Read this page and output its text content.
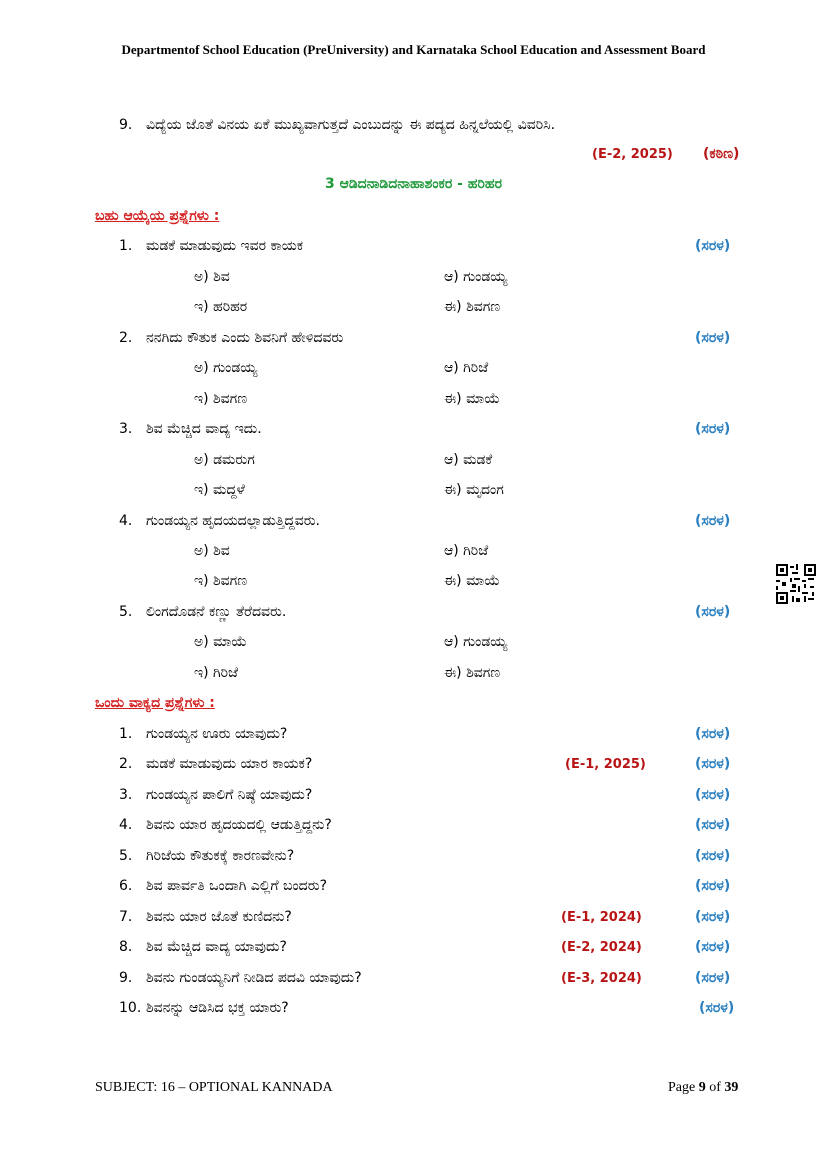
Departmentof School Education (PreUniversity) and Karnataka School Education and Assessment Board
9. ವಿದ್ಯೆಯ ಜೊತೆ ವಿನಯ ಏಕೆ ಮುಖ್ಯವಾಗುತ್ತದೆ ಎಂಬುದನ್ನು ಈ ಪದ್ಯದ ಹಿನ್ನಲೆಯಲ್ಲಿ ವಿವರಿಸಿ.
(E-2, 2025) (ಕಠಿಣ)
3 ಆಡಿದನಾಡಿದನಾಹಾಶಂಕರ - ಹರಿಹರ
ಬಹು ಆಯ್ಕೆಯ ಪ್ರಶ್ನೆಗಳು :
1. ಮಡಕೆ ಮಾಡುವುದು ಇವರ ಕಾಯಕ	(ಸರಳ)
ಅ) ಶಿವ	ಆ) ಗುಂಡಯ್ಯ
ಇ) ಹರಿಹರ	ಈ) ಶಿವಗಣ
2. ನನಗಿದು ಕೌತುಕ ಎಂದು ಶಿವನಿಗೆ ಹೇಳಿದವರು	(ಸರಳ)
ಅ) ಗುಂಡಯ್ಯ	ಆ) ಗಿರಿಜೆ
ಇ) ಶಿವಗಣ	ಈ) ಮಾಯೆ
3. ಶಿವ ಮೆಚ್ಚಿದ ವಾದ್ಯ ಇದು.	(ಸರಳ)
ಅ) ಡಮರುಗ	ಆ) ಮಡಕೆ
ಇ) ಮದ್ದಳೆ	ಈ) ಮೃದಂಗ
4. ಗುಂಡಯ್ಯನ ಹೃದಯದಲ್ಲಾಡುತ್ತಿದ್ದವರು.	(ಸರಳ)
ಅ) ಶಿವ	ಆ) ಗಿರಿಜೆ
ಇ) ಶಿವಗಣ	ಈ) ಮಾಯೆ
5. ಲಿಂಗದೊಡನೆ ಕಣ್ಣು ತೆರೆದವರು.	(ಸರಳ)
ಅ) ಮಾಯೆ	ಆ) ಗುಂಡಯ್ಯ
ಇ) ಗಿರಿಜೆ	ಈ) ಶಿವಗಣ
ಒಂದು ವಾಕ್ಯದ ಪ್ರಶ್ನೆಗಳು :
1. ಗುಂಡಯ್ಯನ ಊರು ಯಾವುದು?	(ಸರಳ)
2. ಮಡಕೆ ಮಾಡುವುದು ಯಾರ ಕಾಯಕ?	(E-1, 2025)	(ಸರಳ)
3. ಗುಂಡಯ್ಯನ ಪಾಲಿಗೆ ನಿಷ್ಠೆ ಯಾವುದು?	(ಸರಳ)
4. ಶಿವನು ಯಾರ ಹೃದಯದಲ್ಲಿ ಆಡುತ್ತಿದ್ದನು?	(ಸರಳ)
5. ಗಿರಿಜೆಯ ಕೌತುಕಕ್ಕೆ ಕಾರಣವೇನು?	(ಸರಳ)
6. ಶಿವ ಪಾರ್ವತಿ ಒಂದಾಗಿ ಎಲ್ಲಿಗೆ ಬಂದರು?	(ಸರಳ)
7. ಶಿವನು ಯಾರ ಜೊತೆ ಕುಣಿದನು?	(E-1, 2024)	(ಸರಳ)
8. ಶಿವ ಮೆಚ್ಚಿದ ವಾದ್ಯ ಯಾವುದು?	(E-2, 2024)	(ಸರಳ)
9. ಶಿವನು ಗುಂಡಯ್ಯನಿಗೆ ನೀಡಿದ ಪದವಿ ಯಾವುದು?	(E-3, 2024)	(ಸರಳ)
10. ಶಿವನನ್ನು ಆಡಿಸಿದ ಭಕ್ತ ಯಾರು?	(ಸರಳ)
SUBJECT: 16 – OPTIONAL KANNADA	Page 9 of 39
